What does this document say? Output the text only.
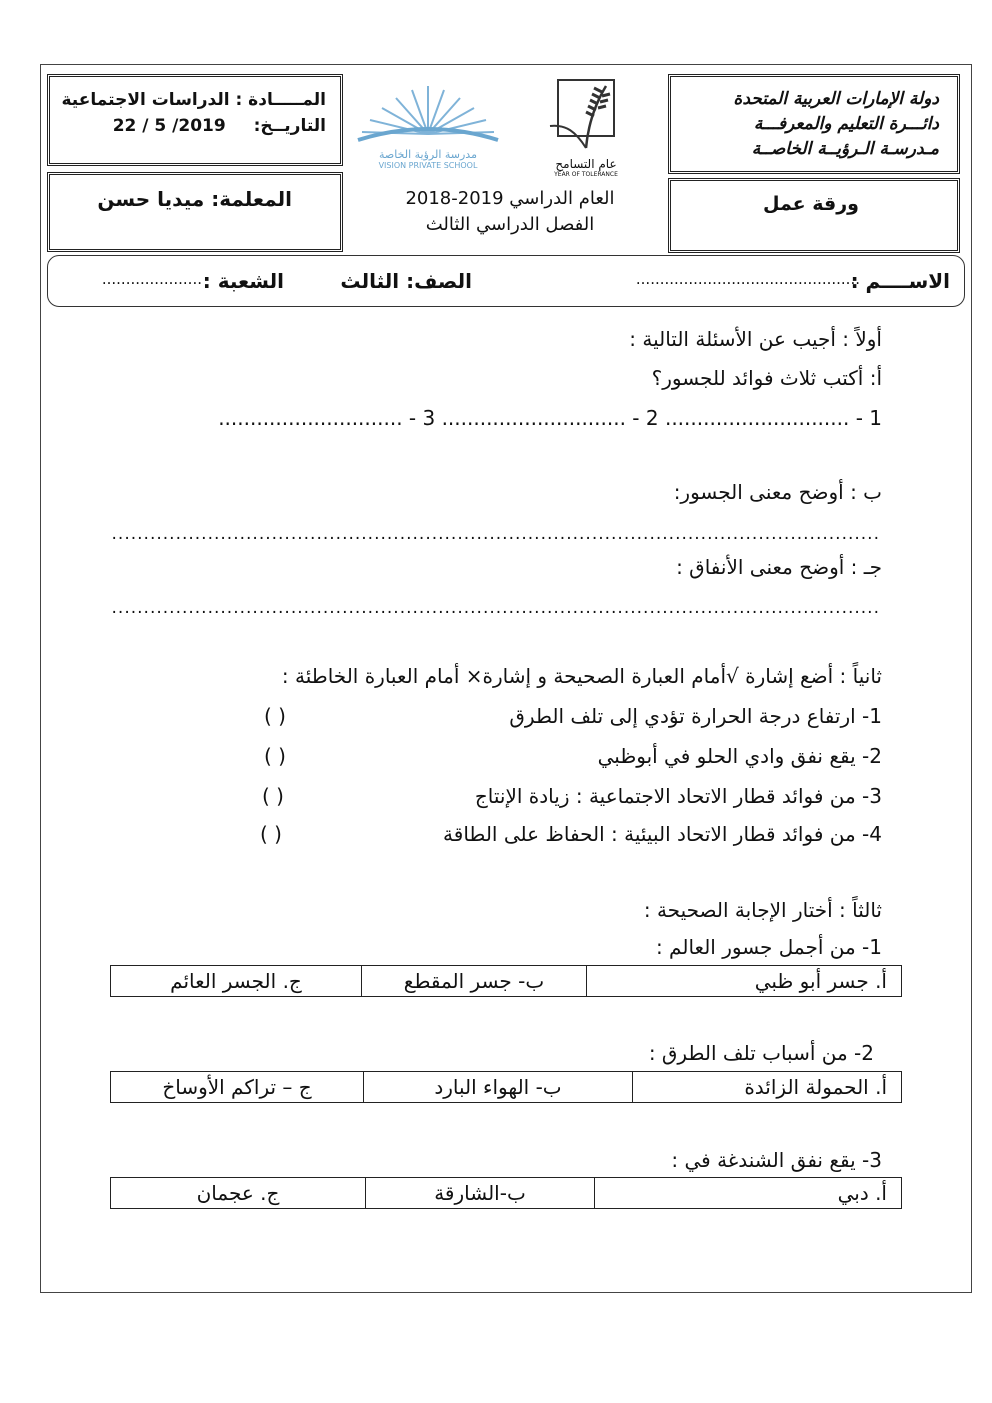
دولة الإمارات العربية المتحدة
دائـــرة التعليم والمعرفـــة
مـدرسـة الـرؤيــة الخاصــة
المـــــادة : الدراسات الاجتماعية
التاريــخ: 22 / 5 /2019
عام التسامح
YEAR OF TOLERANCE
مدرسة الرؤية الخاصة
VISION PRIVATE SCHOOL
ورقة عمل
العام الدراسي 2019-2018
الفصل الدراسي الثالث
المعلمة: ميديا حسن
الاســــم :
...............................................
الصف: الثالث
الشعبة :
.....................
أولاً : أجيب عن الأسئلة التالية :
أ: أكتب ثلاث فوائد للجسور؟
1 - ............................. 2 - ............................. 3 - .............................
ب : أوضح معنى الجسور:
........................................................................................................................
جـ : أوضح معنى الأنفاق :
........................................................................................................................
ثانياً : أضع إشارة √أمام العبارة الصحيحة و إشارة× أمام العبارة الخاطئة :
1- ارتفاع درجة الحرارة تؤدي إلى تلف الطرق
2- يقع نفق وادي الحلو في أبوظبي
3- من فوائد قطار الاتحاد الاجتماعية : زيادة الإنتاج
4- من فوائد قطار الاتحاد البيئية : الحفاظ على الطاقة
( )
( )
( )
( )
ثالثاً : أختار الإجابة الصحيحة :
1- من أجمل جسور العالم :
أ. جسر أبو ظبي	ب- جسر المقطع	ج. الجسر العائم
2- من أسباب تلف الطرق :
أ. الحمولة الزائدة	ب- الهواء البارد	ج – تراكم الأوساخ
3- يقع نفق الشندغة في :
أ. دبي	ب-الشارقة	ج. عجمان
